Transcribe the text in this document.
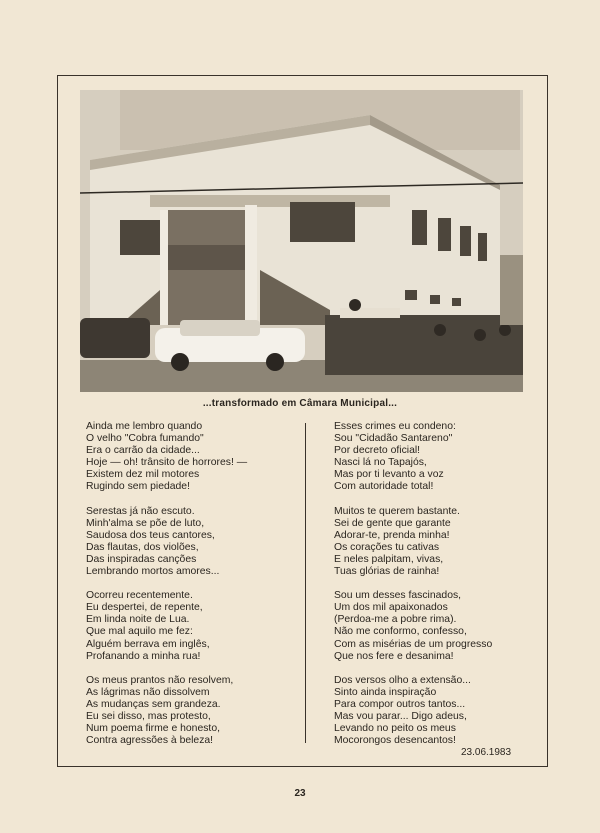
...transformado em Câmara Municipal...
Ainda me lembro quando
O velho "Cobra fumando"
Era o carrão da cidade...
Hoje — oh! trânsito de horrores! —
Existem dez mil motores
Rugindo sem piedade!
Serestas já não escuto.
Minh'alma se põe de luto,
Saudosa dos teus cantores,
Das flautas, dos violões,
Das inspiradas canções
Lembrando mortos amores...
Ocorreu recentemente.
Eu despertei, de repente,
Em linda noite de Lua.
Que mal aquilo me fez:
Alguém berrava em inglês,
Profanando a minha rua!
Os meus prantos não resolvem,
As lágrimas não dissolvem
As mudanças sem grandeza.
Eu sei disso, mas protesto,
Num poema firme e honesto,
Contra agressões à beleza!
Esses crimes eu condeno:
Sou "Cidadão Santareno"
Por decreto oficial!
Nasci lá no Tapajós,
Mas por ti levanto a voz
Com autoridade total!
Muitos te querem bastante.
Sei de gente que garante
Adorar-te, prenda minha!
Os corações tu cativas
E neles palpitam, vivas,
Tuas glórias de rainha!
Sou um desses fascinados,
Um dos mil apaixonados
(Perdoa-me a pobre rima).
Não me conformo, confesso,
Com as misérias de um progresso
Que nos fere e desanima!
Dos versos olho a extensão...
Sinto ainda inspiração
Para compor outros tantos...
Mas vou parar... Digo adeus,
Levando no peito os meus
Mocorongos desencantos!
23.06.1983
23
